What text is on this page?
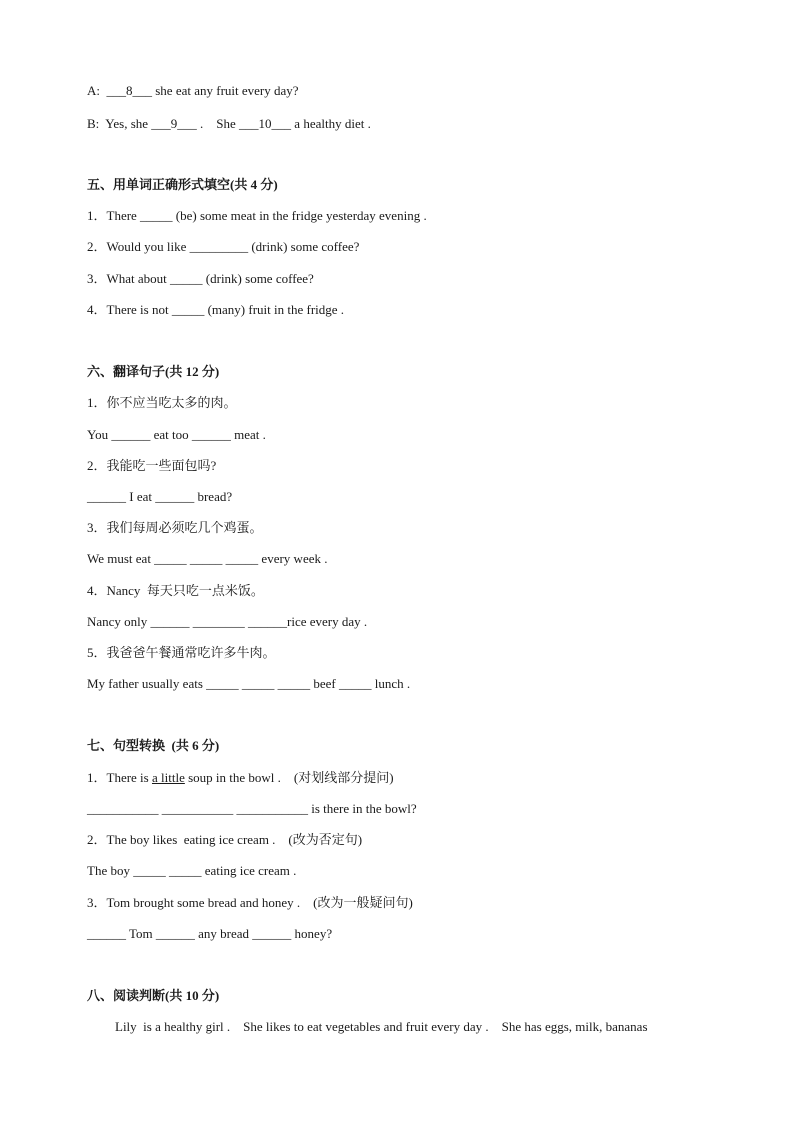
A:  ___8___ she eat any fruit every day?
B:  Yes, she ___9___ .    She ___10___ a healthy diet .
五、用单词正确形式填空(共 4 分)
1．There _____ (be) some meat in the fridge yesterday evening .
2．Would you like _________ (drink) some coffee?
3．What about _____ (drink) some coffee?
4．There is not _____ (many) fruit in the fridge .
六、翻译句子(共 12 分)
1．你不应当吃太多的肉。
You ______ eat too ______ meat .
2．我能吃一些面包吗?
______ I eat ______ bread?
3．我们每周必须吃几个鸡蛋。
We must eat _____ _____ _____ every week .
4．Nancy  每天只吃一点米饭。
Nancy only ______ ________ ______rice every day .
5．我爸爸午餐通常吃许多牛肉。
My father usually eats _____ _____ _____ beef _____ lunch .
七、句型转换  (共 6 分)
1．There is a little soup in the bowl .    (对划线部分提问)
___________ ___________ ___________ is there in the bowl?
2．The boy likes  eating ice cream .    (改为否定句)
The boy _____ _____ eating ice cream .
3．Tom brought some bread and honey .    (改为一般疑问句)
______ Tom ______ any bread ______ honey?
八、阅读判断(共 10 分)
Lily  is a healthy girl .    She likes to eat vegetables and fruit every day .    She has eggs, milk, bananas
